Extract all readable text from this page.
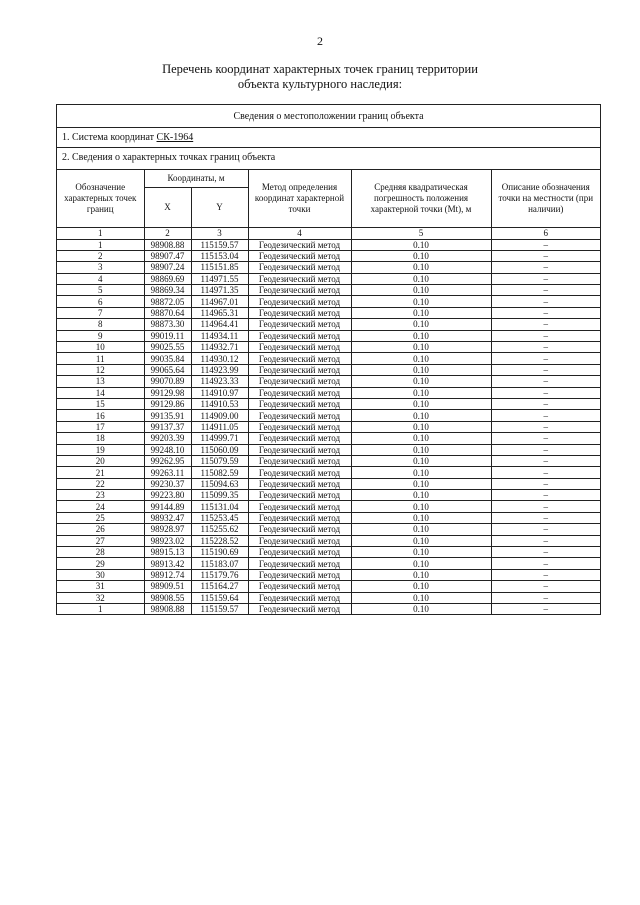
2
Перечень координат характерных точек границ территории
объекта культурного наследия:
Сведения о местоположении границ объекта
1. Система координат СК-1964
2. Сведения о характерных точках границ объекта
Обозначение характерных точек границ	Координаты, м		Метод определения координат характерной точки	Средняя квадратическая погрешность положения характерной точки (Mt), м	Описание обозначения точки на местности (при наличии)
	X	Y			
1	2	3	4	5	6
1	98908.88	115159.57	Геодезический метод	0.10	–
2	98907.47	115153.04	Геодезический метод	0.10	–
3	98907.24	115151.85	Геодезический метод	0.10	–
4	98869.69	114971.55	Геодезический метод	0.10	–
5	98869.34	114971.35	Геодезический метод	0.10	–
6	98872.05	114967.01	Геодезический метод	0.10	–
7	98870.64	114965.31	Геодезический метод	0.10	–
8	98873.30	114964.41	Геодезический метод	0.10	–
9	99019.11	114934.11	Геодезический метод	0.10	–
10	99025.55	114932.71	Геодезический метод	0.10	–
11	99035.84	114930.12	Геодезический метод	0.10	–
12	99065.64	114923.99	Геодезический метод	0.10	–
13	99070.89	114923.33	Геодезический метод	0.10	–
14	99129.98	114910.97	Геодезический метод	0.10	–
15	99129.86	114910.53	Геодезический метод	0.10	–
16	99135.91	114909.00	Геодезический метод	0.10	–
17	99137.37	114911.05	Геодезический метод	0.10	–
18	99203.39	114999.71	Геодезический метод	0.10	–
19	99248.10	115060.09	Геодезический метод	0.10	–
20	99262.95	115079.59	Геодезический метод	0.10	–
21	99263.11	115082.59	Геодезический метод	0.10	–
22	99230.37	115094.63	Геодезический метод	0.10	–
23	99223.80	115099.35	Геодезический метод	0.10	–
24	99144.89	115131.04	Геодезический метод	0.10	–
25	98932.47	115253.45	Геодезический метод	0.10	–
26	98928.97	115255.62	Геодезический метод	0.10	–
27	98923.02	115228.52	Геодезический метод	0.10	–
28	98915.13	115190.69	Геодезический метод	0.10	–
29	98913.42	115183.07	Геодезический метод	0.10	–
30	98912.74	115179.76	Геодезический метод	0.10	–
31	98909.51	115164.27	Геодезический метод	0.10	–
32	98908.55	115159.64	Геодезический метод	0.10	–
1	98908.88	115159.57	Геодезический метод	0.10	–
